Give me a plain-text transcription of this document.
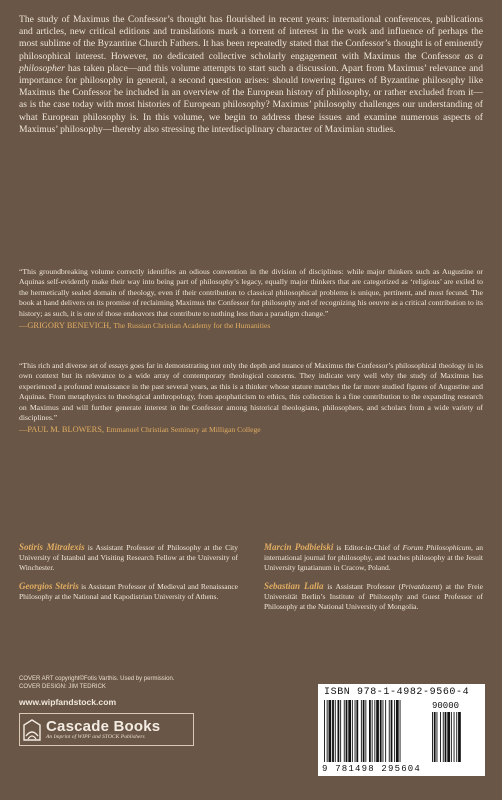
The study of Maximus the Confessor’s thought has flourished in recent years: international conferences, publications and articles, new critical editions and translations mark a torrent of interest in the work and influence of perhaps the most sublime of the Byzantine Church Fathers. It has been repeatedly stated that the Confessor’s thought is of eminently philosophical interest. However, no dedicated collective scholarly engagement with Maximus the Confessor as a philosopher has taken place—and this volume attempts to start such a discussion. Apart from Maximus’ relevance and importance for philosophy in general, a second question arises: should towering figures of Byzantine philosophy like Maximus the Confessor be included in an overview of the European history of philosophy, or rather excluded from it—as is the case today with most histories of European philosophy? Maximus’ philosophy challenges our understanding of what European philosophy is. In this volume, we begin to address these issues and examine numerous aspects of Maximus’ philosophy—thereby also stressing the interdisciplinary character of Maximian studies.

“This groundbreaking volume correctly identifies an odious convention in the division of disciplines: while major thinkers such as Augustine or Aquinas self-evidently make their way into being part of philosophy’s legacy, equally major thinkers that are categorized as ‘religious’ are exiled to the hermetically sealed domain of theology, even if their contribution to classical philosophical problems is unique, pertinent, and most fecund. The book at hand delivers on its promise of reclaiming Maximus the Confessor for philosophy and of recognizing his oeuvre as a critical contribution to its history; as such, it is one of those endeavors that contribute to nothing less than a paradigm change.”

—GRIGORY BENEVICH, The Russian Christian Academy for the Humanities

“This rich and diverse set of essays goes far in demonstrating not only the depth and nuance of Maximus the Confessor’s philosophical theology in its own context but its relevance to a wide array of contemporary theological concerns. They indicate very well why the study of Maximus has experienced a profound renaissance in the past several years, as this is a thinker whose stature matches the far more studied figures of Augustine and Aquinas. From metaphysics to theological anthropology, from apophaticism to ethics, this collection is a fine contribution to the expanding research on Maximus and will further generate interest in the Confessor among historical theologians, philosophers, and scholars from a wide variety of disciplines.”

—PAUL M. BLOWERS, Emmanuel Christian Seminary at Milligan College

Sotiris Mitralexis is Assistant Professor of Philosophy at the City University of Istanbul and Visiting Research Fellow at the University of Winchester.

Marcin Podbielski is Editor-in-Chief of Forum Philosophicum, an international journal for philosophy, and teaches philosophy at the Jesuit University Ignatianum in Cracow, Poland.

Georgios Steiris is Assistant Professor of Medieval and Renaissance Philosophy at the National and Kapodistrian University of Athens.

Sebastian Lalla is Assistant Professor (Privatdozent) at the Freie Universität Berlin’s Institute of Philosophy and Guest Professor of Philosophy at the National University of Mongolia.

COVER ART copyright©Fotis Varthis. Used by permission.
COVER DESIGN: JIM TEDRICK
www.wipfandstock.com
Cascade Books
An Imprint of WIPF and STOCK Publishers
ISBN 978-1-4982-9560-4
90000
9 781498 295604
